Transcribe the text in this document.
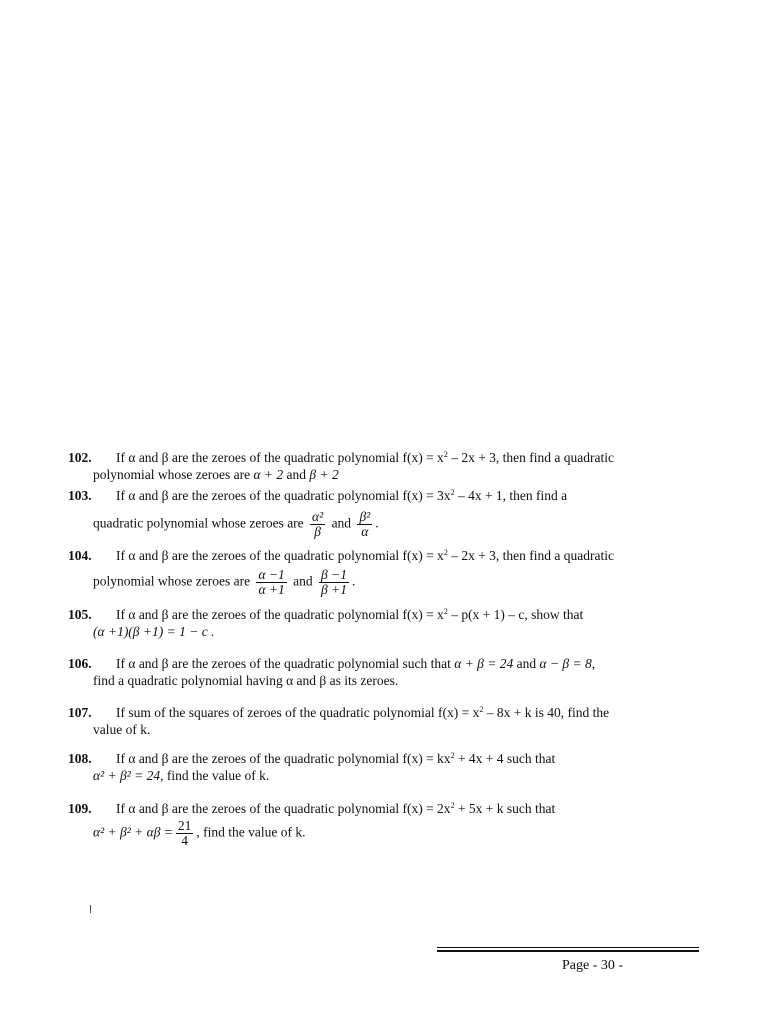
102. If α and β are the zeroes of the quadratic polynomial $f(x) = x^2 - 2x + 3$, then find a quadratic
polynomial whose zeroes are α + 2 and β + 2
103. If α and β are the zeroes of the quadratic polynomial $f(x) = 3x^2 - 4x + 1$, then find a
quadratic polynomial whose zeroes are $\frac{\text{α²}}{\beta}$ and $\frac{\text{β²}}{\alpha}$ .
104. If α and β are the zeroes of the quadratic polynomial $f(x) = x^2 - 2x + 3$, then find a quadratic
polynomial whose zeroes are $\frac{\alpha -1}{\alpha +1}$ and $\frac{\beta -1}{\beta +1}$ .
105. If α and β are the zeroes of the quadratic polynomial $f(x) = x^2 - p(x + 1) - c$, show that
(α +1)(β +1) = 1 − c .
106. If α and β are the zeroes of the quadratic polynomial such that α + β = 24 and α − β = 8,
find a quadratic polynomial having α and β as its zeroes.
107. If sum of the squares of zeroes of the quadratic polynomial $f(x) = x^2 - 8x + k$ is 40, find the
value of k.
108. If α and β are the zeroes of the quadratic polynomial $f(x) = kx^2 + 4x + 4$ such that
α² + β² = 24, find the value of k.
109. If α and β are the zeroes of the quadratic polynomial $f(x) = 2x^2 + 5x + k$ such that
$\alpha^2 + \beta^2 + \alpha\beta = \frac{21}{4}$ , find the value of k.
Page - 30 -
